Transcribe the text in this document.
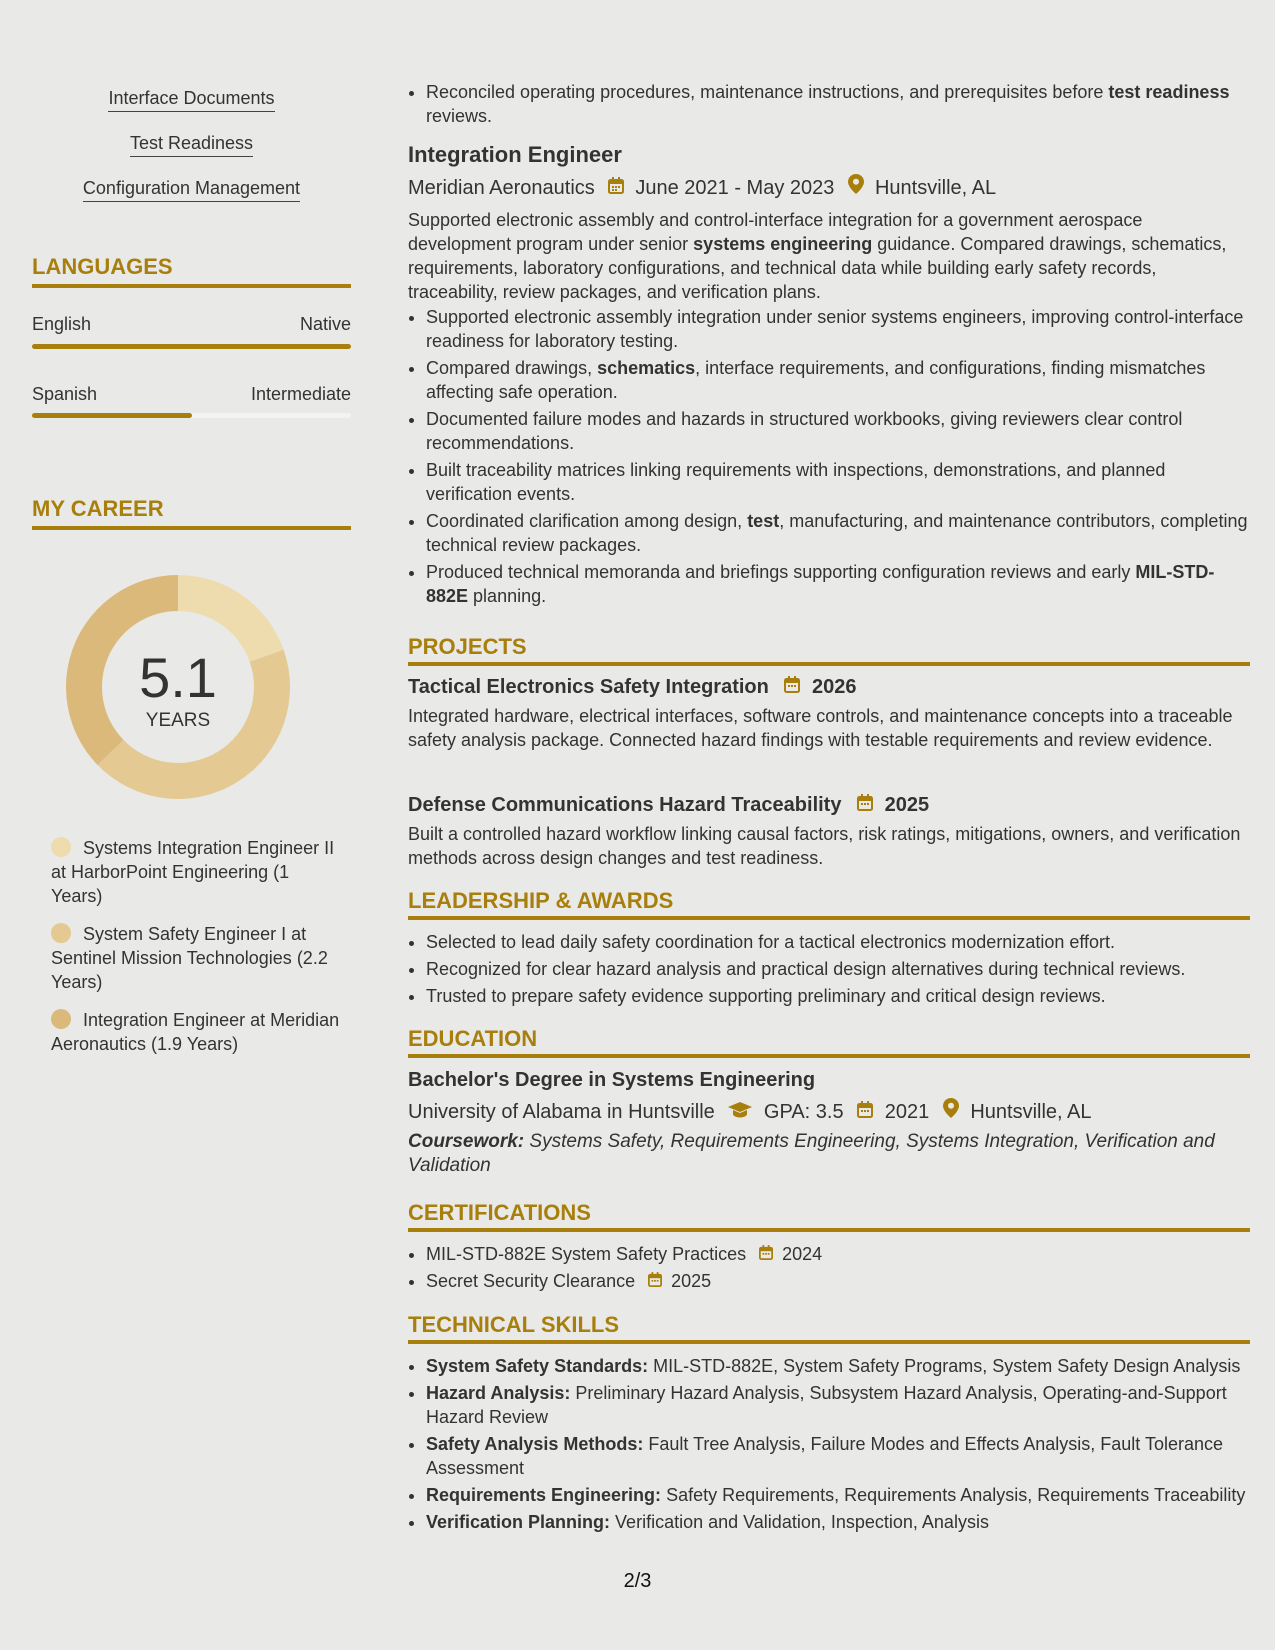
Interface Documents
Test Readiness
Configuration Management
LANGUAGES
English	Native
Spanish	Intermediate
MY CAREER
5.1
YEARS
Systems Integration Engineer II at HarborPoint Engineering (1 Years)
System Safety Engineer I at Sentinel Mission Technologies (2.2 Years)
Integration Engineer at Meridian Aeronautics (1.9 Years)
• Reconciled operating procedures, maintenance instructions, and prerequisites before test readiness reviews.
Integration Engineer
Meridian Aeronautics June 2021 - May 2023 Huntsville, AL
Supported electronic assembly and control-interface integration for a government aerospace development program under senior systems engineering guidance. Compared drawings, schematics, requirements, laboratory configurations, and technical data while building early safety records, traceability, review packages, and verification plans.
• Supported electronic assembly integration under senior systems engineers, improving control-interface readiness for laboratory testing.
• Compared drawings, schematics, interface requirements, and configurations, finding mismatches affecting safe operation.
• Documented failure modes and hazards in structured workbooks, giving reviewers clear control recommendations.
• Built traceability matrices linking requirements with inspections, demonstrations, and planned verification events.
• Coordinated clarification among design, test, manufacturing, and maintenance contributors, completing technical review packages.
• Produced technical memoranda and briefings supporting configuration reviews and early MIL-STD-882E planning.
PROJECTS
Tactical Electronics Safety Integration 2026
Integrated hardware, electrical interfaces, software controls, and maintenance concepts into a traceable safety analysis package. Connected hazard findings with testable requirements and review evidence.
Defense Communications Hazard Traceability 2025
Built a controlled hazard workflow linking causal factors, risk ratings, mitigations, owners, and verification methods across design changes and test readiness.
LEADERSHIP & AWARDS
• Selected to lead daily safety coordination for a tactical electronics modernization effort.
• Recognized for clear hazard analysis and practical design alternatives during technical reviews.
• Trusted to prepare safety evidence supporting preliminary and critical design reviews.
EDUCATION
Bachelor's Degree in Systems Engineering
University of Alabama in Huntsville GPA: 3.5 2021 Huntsville, AL
Coursework: Systems Safety, Requirements Engineering, Systems Integration, Verification and Validation
CERTIFICATIONS
• MIL-STD-882E System Safety Practices 2024
• Secret Security Clearance 2025
TECHNICAL SKILLS
• System Safety Standards: MIL-STD-882E, System Safety Programs, System Safety Design Analysis
• Hazard Analysis: Preliminary Hazard Analysis, Subsystem Hazard Analysis, Operating-and-Support Hazard Review
• Safety Analysis Methods: Fault Tree Analysis, Failure Modes and Effects Analysis, Fault Tolerance Assessment
• Requirements Engineering: Safety Requirements, Requirements Analysis, Requirements Traceability
• Verification Planning: Verification and Validation, Inspection, Analysis
2/3
